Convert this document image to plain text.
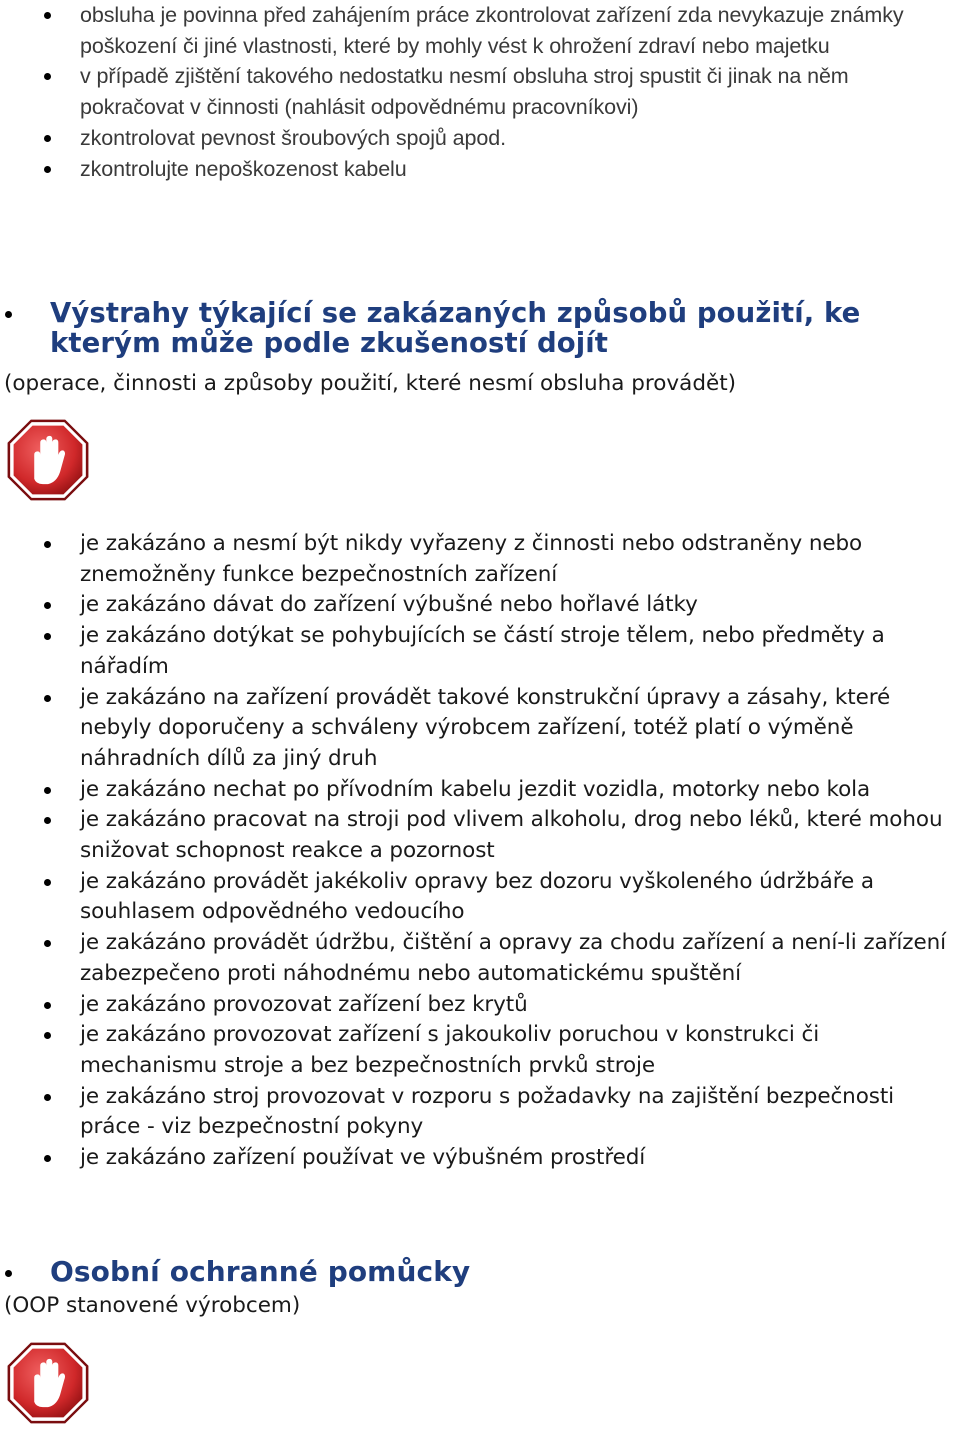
obsluha je povinna před zahájením práce zkontrolovat zařízení zda nevykazuje známky poškození či jiné vlastnosti, které by mohly vést k ohrožení zdraví nebo majetku
v případě zjištění takového nedostatku nesmí obsluha stroj spustit či jinak na něm pokračovat v činnosti (nahlásit odpovědnému pracovníkovi)
zkontrolovat pevnost šroubových spojů apod.
zkontrolujte nepoškozenost kabelu
Výstrahy týkající se zakázaných způsobů použití, ke kterým může podle zkušeností dojít
(operace, činnosti a způsoby použití, které nesmí obsluha provádět)
je zakázáno a nesmí být nikdy vyřazeny z činnosti nebo odstraněny nebo znemožněny funkce bezpečnostních zařízení
je zakázáno dávat do zařízení výbušné nebo hořlavé látky
je zakázáno dotýkat se pohybujících se částí stroje tělem, nebo předměty a nářadím
je zakázáno na zařízení provádět takové konstrukční úpravy a zásahy, které nebyly doporučeny a schváleny výrobcem zařízení, totéž platí o výměně náhradních dílů za jiný druh
je zakázáno nechat po přívodním kabelu jezdit vozidla, motorky nebo kola
je zakázáno pracovat na stroji pod vlivem alkoholu, drog nebo léků, které mohou snižovat schopnost reakce a pozornost
je zakázáno provádět jakékoliv opravy bez dozoru vyškoleného údržbáře a souhlasem odpovědného vedoucího
je zakázáno provádět údržbu, čištění a opravy za chodu zařízení a není-li zařízení zabezpečeno proti náhodnému nebo automatickému spuštění
je zakázáno provozovat zařízení bez krytů
je zakázáno provozovat zařízení s jakoukoliv poruchou v konstrukci či mechanismu stroje a bez bezpečnostních prvků stroje
je zakázáno stroj provozovat v rozporu s požadavky na zajištění bezpečnosti práce - viz bezpečnostní pokyny
je zakázáno zařízení používat ve výbušném prostředí
Osobní ochranné pomůcky
(OOP stanovené výrobcem)
